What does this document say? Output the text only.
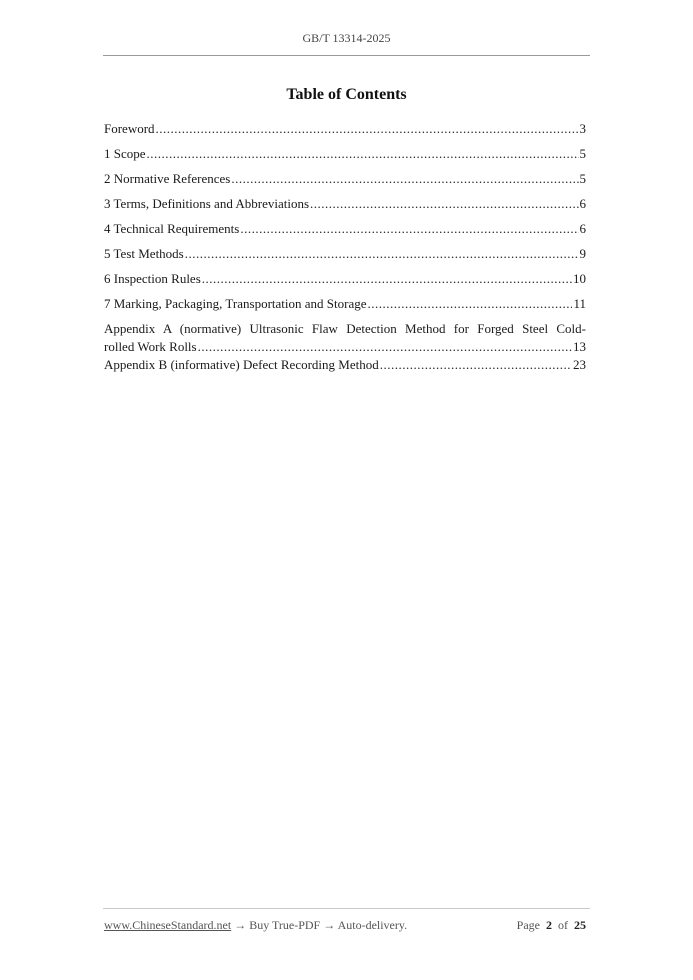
GB/T 13314-2025
Table of Contents
Foreword .....	3
1 Scope .....	5
2 Normative References .....	5
3 Terms, Definitions and Abbreviations .....	6
4 Technical Requirements .....	6
5 Test Methods .....	9
6 Inspection Rules .....	10
7 Marking, Packaging, Transportation and Storage .....	11
Appendix A (normative) Ultrasonic Flaw Detection Method for Forged Steel Cold-
rolled Work Rolls .....	13
Appendix B (informative) Defect Recording Method .....	23
www.ChineseStandard.net → Buy True-PDF → Auto-delivery.	Page 2 of 25
